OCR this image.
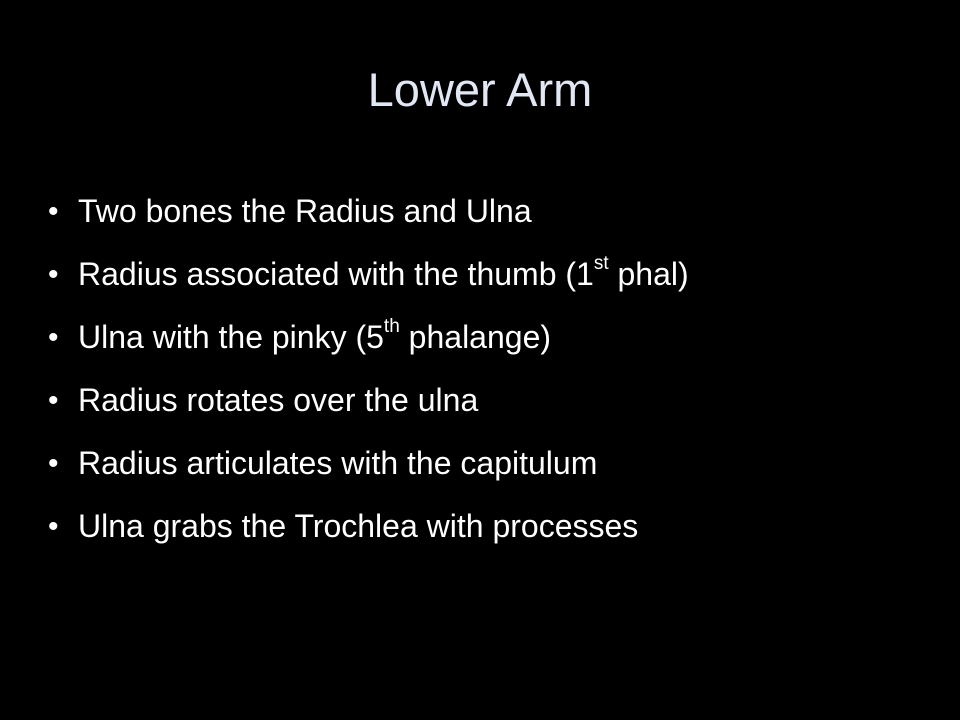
Lower Arm
• Two bones the Radius and Ulna
• Radius associated with the thumb (1st phal)
• Ulna with the pinky (5th phalange)
• Radius rotates over the ulna
• Radius articulates with the capitulum
• Ulna grabs the Trochlea with processes
